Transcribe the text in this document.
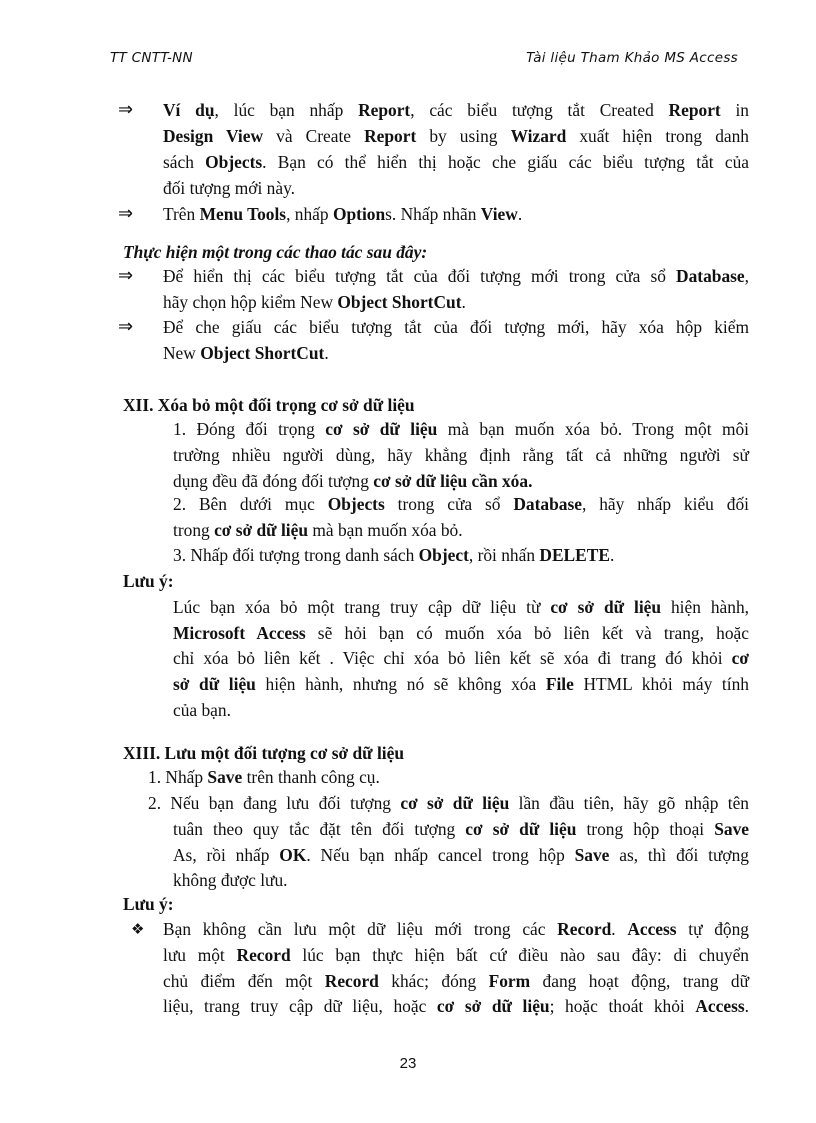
TT CNTT-NN	Tài liệu Tham Khảo MS Access
⇒ Ví dụ, lúc bạn nhấp Report, các biểu tượng tắt Created Report in
Design View và Create Report by using Wizard xuất hiện trong danh
sách Objects. Bạn có thể hiển thị hoặc che giấu các biểu tượng tắt của
đối tượng mới này.
⇒ Trên Menu Tools, nhấp Options. Nhấp nhãn View.
Thực hiện một trong các thao tác sau đây:
⇒ Để hiển thị các biểu tượng tắt của đối tượng mới trong cửa sổ Database,
hãy chọn hộp kiểm New Object ShortCut.
⇒ Để che giấu các biểu tượng tắt của đối tượng mới, hãy xóa hộp kiểm
New Object ShortCut.
XII. Xóa bỏ một đối trọng cơ sở dữ liệu
1. Đóng đối trọng cơ sở dữ liệu mà bạn muốn xóa bỏ. Trong một môi
trường nhiều người dùng, hãy khẳng định rằng tất cả những người sử
dụng đều đã đóng đối tượng cơ sở dữ liệu cần xóa.
2. Bên dưới mục Objects trong cửa sổ Database, hãy nhấp kiểu đối
trong cơ sở dữ liệu mà bạn muốn xóa bỏ.
3. Nhấp đối tượng trong danh sách Object, rồi nhấn DELETE.
Lưu ý:
Lúc bạn xóa bỏ một trang truy cập dữ liệu từ cơ sở dữ liệu hiện hành,
Microsoft Access sẽ hỏi bạn có muốn xóa bỏ liên kết và trang, hoặc
chỉ xóa bỏ liên kết . Việc chỉ xóa bỏ liên kết sẽ xóa đi trang đó khỏi cơ
sở dữ liệu hiện hành, nhưng nó sẽ không xóa File HTML khỏi máy tính
của bạn.
XIII. Lưu một đối tượng cơ sở dữ liệu
1. Nhấp Save trên thanh công cụ.
2. Nếu bạn đang lưu đối tượng cơ sở dữ liệu lần đầu tiên, hãy gõ nhập tên
tuân theo quy tắc đặt tên đối tượng cơ sở dữ liệu trong hộp thoại Save
As, rồi nhấp OK. Nếu bạn nhấp cancel trong hộp Save as, thì đối tượng
không được lưu.
Lưu ý:
❖ Bạn không cần lưu một dữ liệu mới trong các Record. Access tự động
lưu một Record lúc bạn thực hiện bất cứ điều nào sau đây: di chuyển
chủ điểm đến một Record khác; đóng Form đang hoạt động, trang dữ
liệu, trang truy cập dữ liệu, hoặc cơ sở dữ liệu; hoặc thoát khỏi Access.
23
